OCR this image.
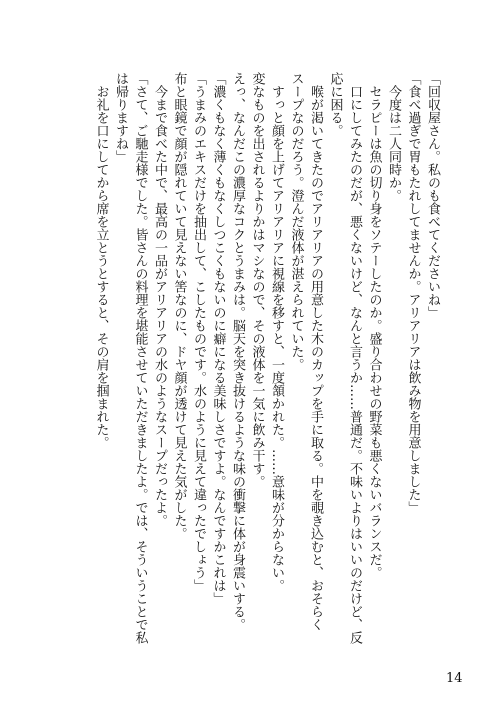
「回収屋さん。私のも食べてくださいね」
「食べ過ぎで胃もたれしてませんか。アリアリアは飲み物を用意しました」
今度は二人同時か。
セラピーは魚の切り身をソテーしたのか。盛り合わせの野菜も悪くないバランスだ。
口にしてみたのだが、悪くないけど、なんと言うか……普通だ。不味いよりはいいのだけど、反
応に困る。
喉が渇いてきたのでアリアリアの用意した木のカップを手に取る。中を覗き込むと、おそらく
スープなのだろう。澄んだ液体が湛えられていた。
すっと顔を上げてアリアリアに視線を移すと、一度頷かれた。……意味が分からない。
変なものを出されるよりかはマシなので、その液体を一気に飲み干す。
えっ、なんだこの濃厚なコクとうまみは。脳天を突き抜けるような味の衝撃に体が身震いする。
「濃くもなく薄くもなくしつこくもないのに癖になる美味しさですよ。なんですかこれは」
「うまみのエキスだけを抽出して、こしたものです。水のように見えて違ったでしょう」
布と眼鏡で顔が隠れていて見えない筈なのに、ドヤ顔が透けて見えた気がした。
今まで食べた中で、最高の一品がアリアリアの水のようなスープだったよ。
「さて、ご馳走様でした。皆さんの料理を堪能させていただきましたよ。では、そういうことで私
は帰りますね」
お礼を口にしてから席を立とうとすると、その肩を掴まれた。
14
